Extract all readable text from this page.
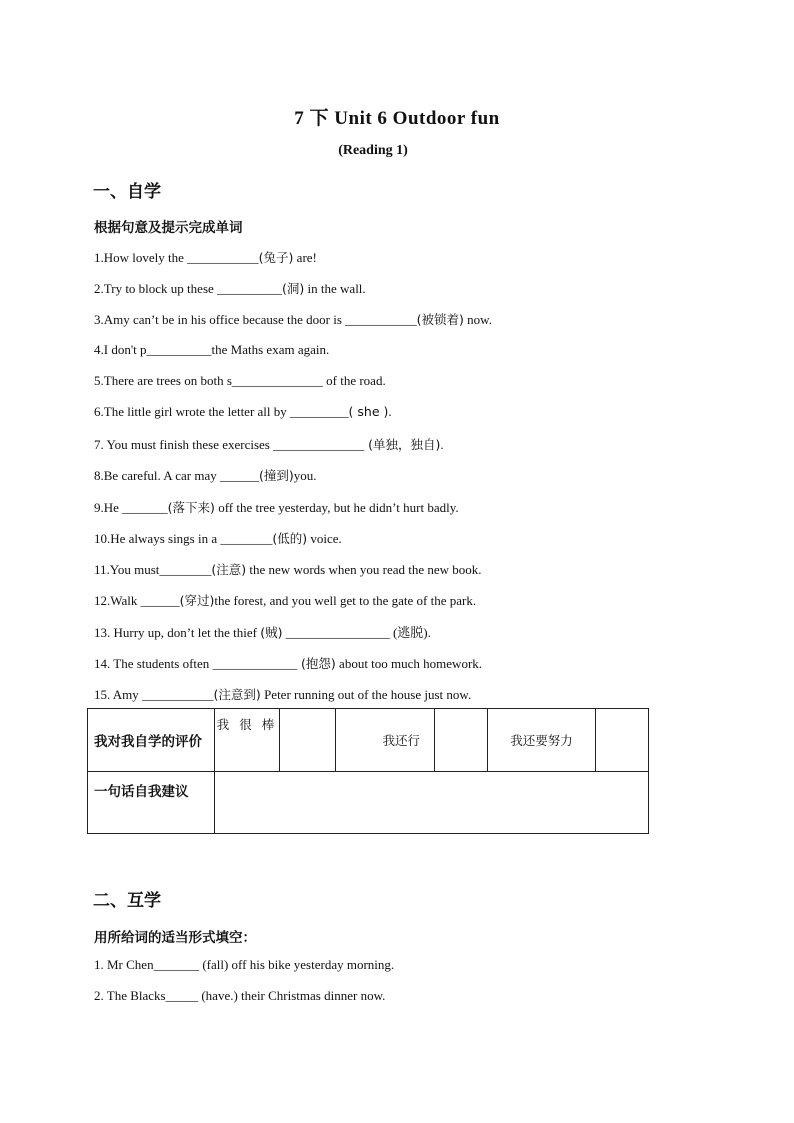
7 下 Unit 6 Outdoor fun
(Reading 1)
一、自学
根据句意及提示完成单词
1.How lovely the ___________(兔子) are!
2.Try to block up these __________(洞) in the wall.
3.Amy can’t be in his office because the door is ___________(被锁着) now.
4.I don't p__________the Maths exam again.
5.There are trees on both s______________ of the road.
6.The little girl wrote the letter all by _________( she ).
7. You must finish these exercises ______________ (单独，独自).
8.Be careful. A car may ______(撞到)you.
9.He _______(落下来) off the tree yesterday, but he didn’t hurt badly.
10.He always sings in a ________(低的) voice.
11.You must________(注意) the new words when you read the new book.
12.Walk ______(穿过)the forest, and you well get to the gate of the park.
13. Hurry up, don’t let the thief (贼) ________________ (逃脱).
14. The students often _____________ (抱怨) about too much homework.
15. Amy ___________(注意到) Peter running out of the house just now.
我对我自学的评价	我 很 棒		我还行		我还要努力	
一句话自我建议						
二、互学
用所给词的适当形式填空：
1. Mr Chen_______ (fall) off his bike yesterday morning.
2. The Blacks_____ (have.) their Christmas dinner now.
